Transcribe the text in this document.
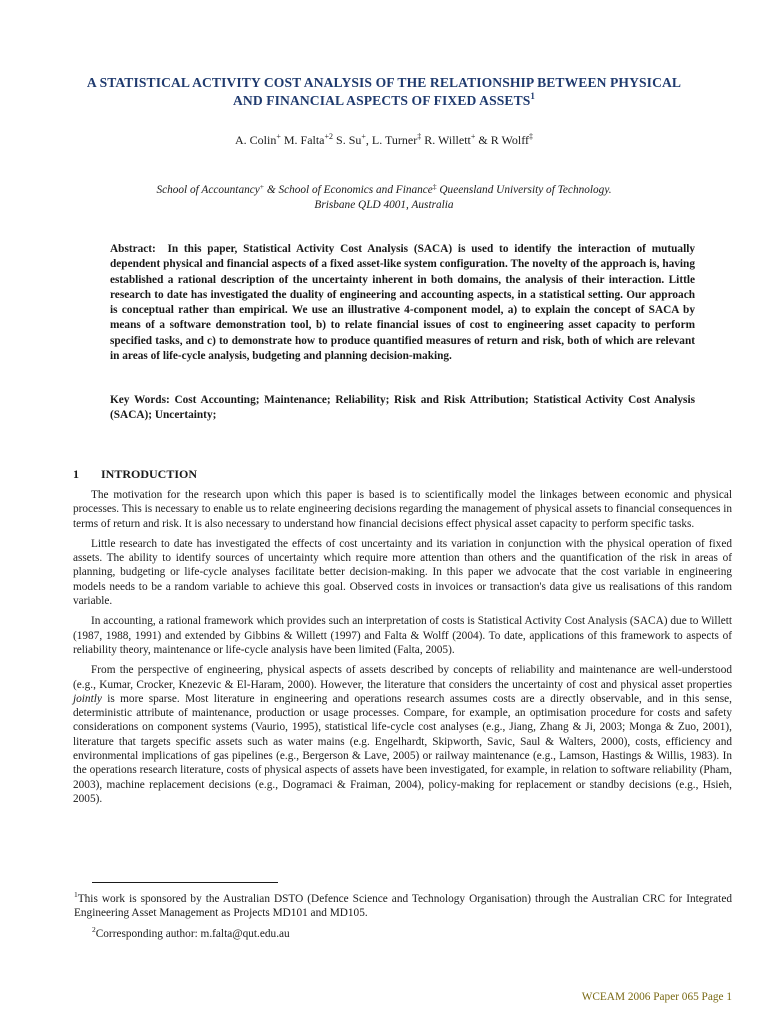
A STATISTICAL ACTIVITY COST ANALYSIS OF THE RELATIONSHIP BETWEEN PHYSICAL AND FINANCIAL ASPECTS OF FIXED ASSETS$^1$
A. Colin+ M. Falta$^{+2}$ S. Su+, L. Turner‡ R. Willett+ & R Wolff‡
School of Accountancy+ & School of Economics and Finance‡ Queensland University of Technology.
Brisbane QLD 4001, Australia

Abstract: In this paper, Statistical Activity Cost Analysis (SACA) is used to identify the interaction of mutually dependent physical and financial aspects of a fixed asset-like system configuration. The novelty of the approach is, having established a rational description of the uncertainty inherent in both domains, the analysis of their interaction. Little research to date has investigated the duality of engineering and accounting aspects, in a statistical setting. Our approach is conceptual rather than empirical. We use an illustrative 4-component model, a) to explain the concept of SACA by means of a software demonstration tool, b) to relate financial issues of cost to engineering asset capacity to perform specified tasks, and c) to demonstrate how to produce quantified measures of return and risk, both of which are relevant in areas of life-cycle analysis, budgeting and planning decision-making.

Key Words: Cost Accounting; Maintenance; Reliability; Risk and Risk Attribution; Statistical Activity Cost Analysis (SACA); Uncertainty;

1 INTRODUCTION

The motivation for the research upon which this paper is based is to scientifically model the linkages between economic and physical processes. This is necessary to enable us to relate engineering decisions regarding the management of physical assets to financial consequences in terms of return and risk. It is also necessary to understand how financial decisions effect physical asset capacity to perform specific tasks.

Little research to date has investigated the effects of cost uncertainty and its variation in conjunction with the physical operation of fixed assets. The ability to identify sources of uncertainty which require more attention than others and the quantification of the risk in areas of planning, budgeting or life-cycle analyses facilitate better decision-making. In this paper we advocate that the cost variable in engineering models needs to be a random variable to achieve this goal. Observed costs in invoices or transaction's data give us realisations of this random variable.

In accounting, a rational framework which provides such an interpretation of costs is Statistical Activity Cost Analysis (SACA) due to Willett (1987, 1988, 1991) and extended by Gibbins & Willett (1997) and Falta & Wolff (2004). To date, applications of this framework to aspects of reliability theory, maintenance or life-cycle analysis have been limited (Falta, 2005).

From the perspective of engineering, physical aspects of assets described by concepts of reliability and maintenance are well-understood (e.g., Kumar, Crocker, Knezevic & El-Haram, 2000). However, the literature that considers the uncertainty of cost and physical asset properties jointly is more sparse. Most literature in engineering and operations research assumes costs are a directly observable, and in this sense, deterministic attribute of maintenance, production or usage processes. Compare, for example, an optimisation procedure for costs and safety considerations on component systems (Vaurio, 1995), statistical life-cycle cost analyses (e.g., Jiang, Zhang & Ji, 2003; Monga & Zuo, 2001), literature that targets specific assets such as water mains (e.g. Engelhardt, Skipworth, Savic, Saul & Walters, 2000), costs, efficiency and environmental implications of gas pipelines (e.g., Bergerson & Lave, 2005) or railway maintenance (e.g., Lamson, Hastings & Willis, 1983). In the operations research literature, costs of physical aspects of assets have been investigated, for example, in relation to software reliability (Pham, 2003), machine replacement decisions (e.g., Dogramaci & Fraiman, 2004), policy-making for replacement or standby decisions (e.g., Hsieh, 2005).

$^1$This work is sponsored by the Australian DSTO (Defence Science and Technology Organisation) through the Australian CRC for Integrated Engineering Asset Management as Projects MD101 and MD105.

$^2$Corresponding author: m.falta@qut.edu.au

WCEAM 2006 Paper 065 Page 1
